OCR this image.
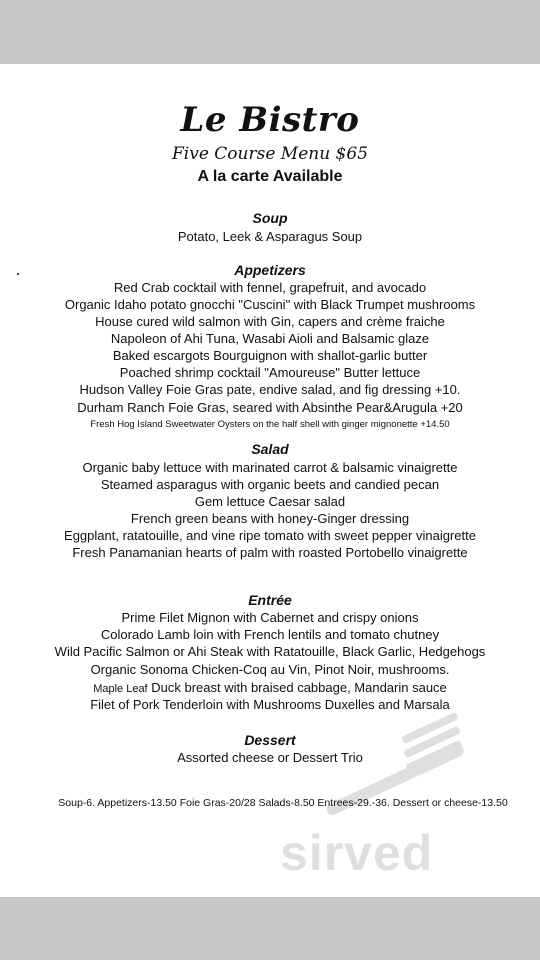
Le Bistro
Five Course Menu $65
A la carte Available
Soup
Potato, Leek & Asparagus Soup
Appetizers
Red Crab cocktail with fennel, grapefruit, and avocado
Organic Idaho potato gnocchi "Cuscini" with Black Trumpet mushrooms
House cured wild salmon with Gin, capers and crème fraiche
Napoleon of Ahi Tuna, Wasabi Aioli and Balsamic glaze
Baked escargots Bourguignon with shallot-garlic butter
Poached shrimp cocktail "Amoureuse" Butter lettuce
Hudson Valley Foie Gras pate, endive salad, and fig dressing +10.
Durham Ranch Foie Gras, seared with Absinthe Pear&Arugula +20
Fresh Hog Island Sweetwater Oysters on the half shell with ginger mignonette +14.50
Salad
Organic baby lettuce with marinated carrot & balsamic vinaigrette
Steamed asparagus with organic beets and candied pecan
Gem lettuce Caesar salad
French green beans with honey-Ginger dressing
Eggplant, ratatouille, and vine ripe tomato with sweet pepper vinaigrette
Fresh Panamanian hearts of palm with roasted Portobello vinaigrette
Entrée
Prime Filet Mignon with Cabernet and crispy onions
Colorado Lamb loin with French lentils and tomato chutney
Wild Pacific Salmon or Ahi Steak with Ratatouille, Black Garlic, Hedgehogs
Organic Sonoma Chicken-Coq au Vin, Pinot Noir, mushrooms.
Maple Leaf Duck breast with braised cabbage, Mandarin sauce
Filet of Pork Tenderloin with Mushrooms Duxelles and Marsala
Dessert
Assorted cheese or Dessert Trio
Soup-6. Appetizers-13.50 Foie Gras-20/28 Salads-8.50 Entrees-29.-36. Dessert or cheese-13.50
sirved
